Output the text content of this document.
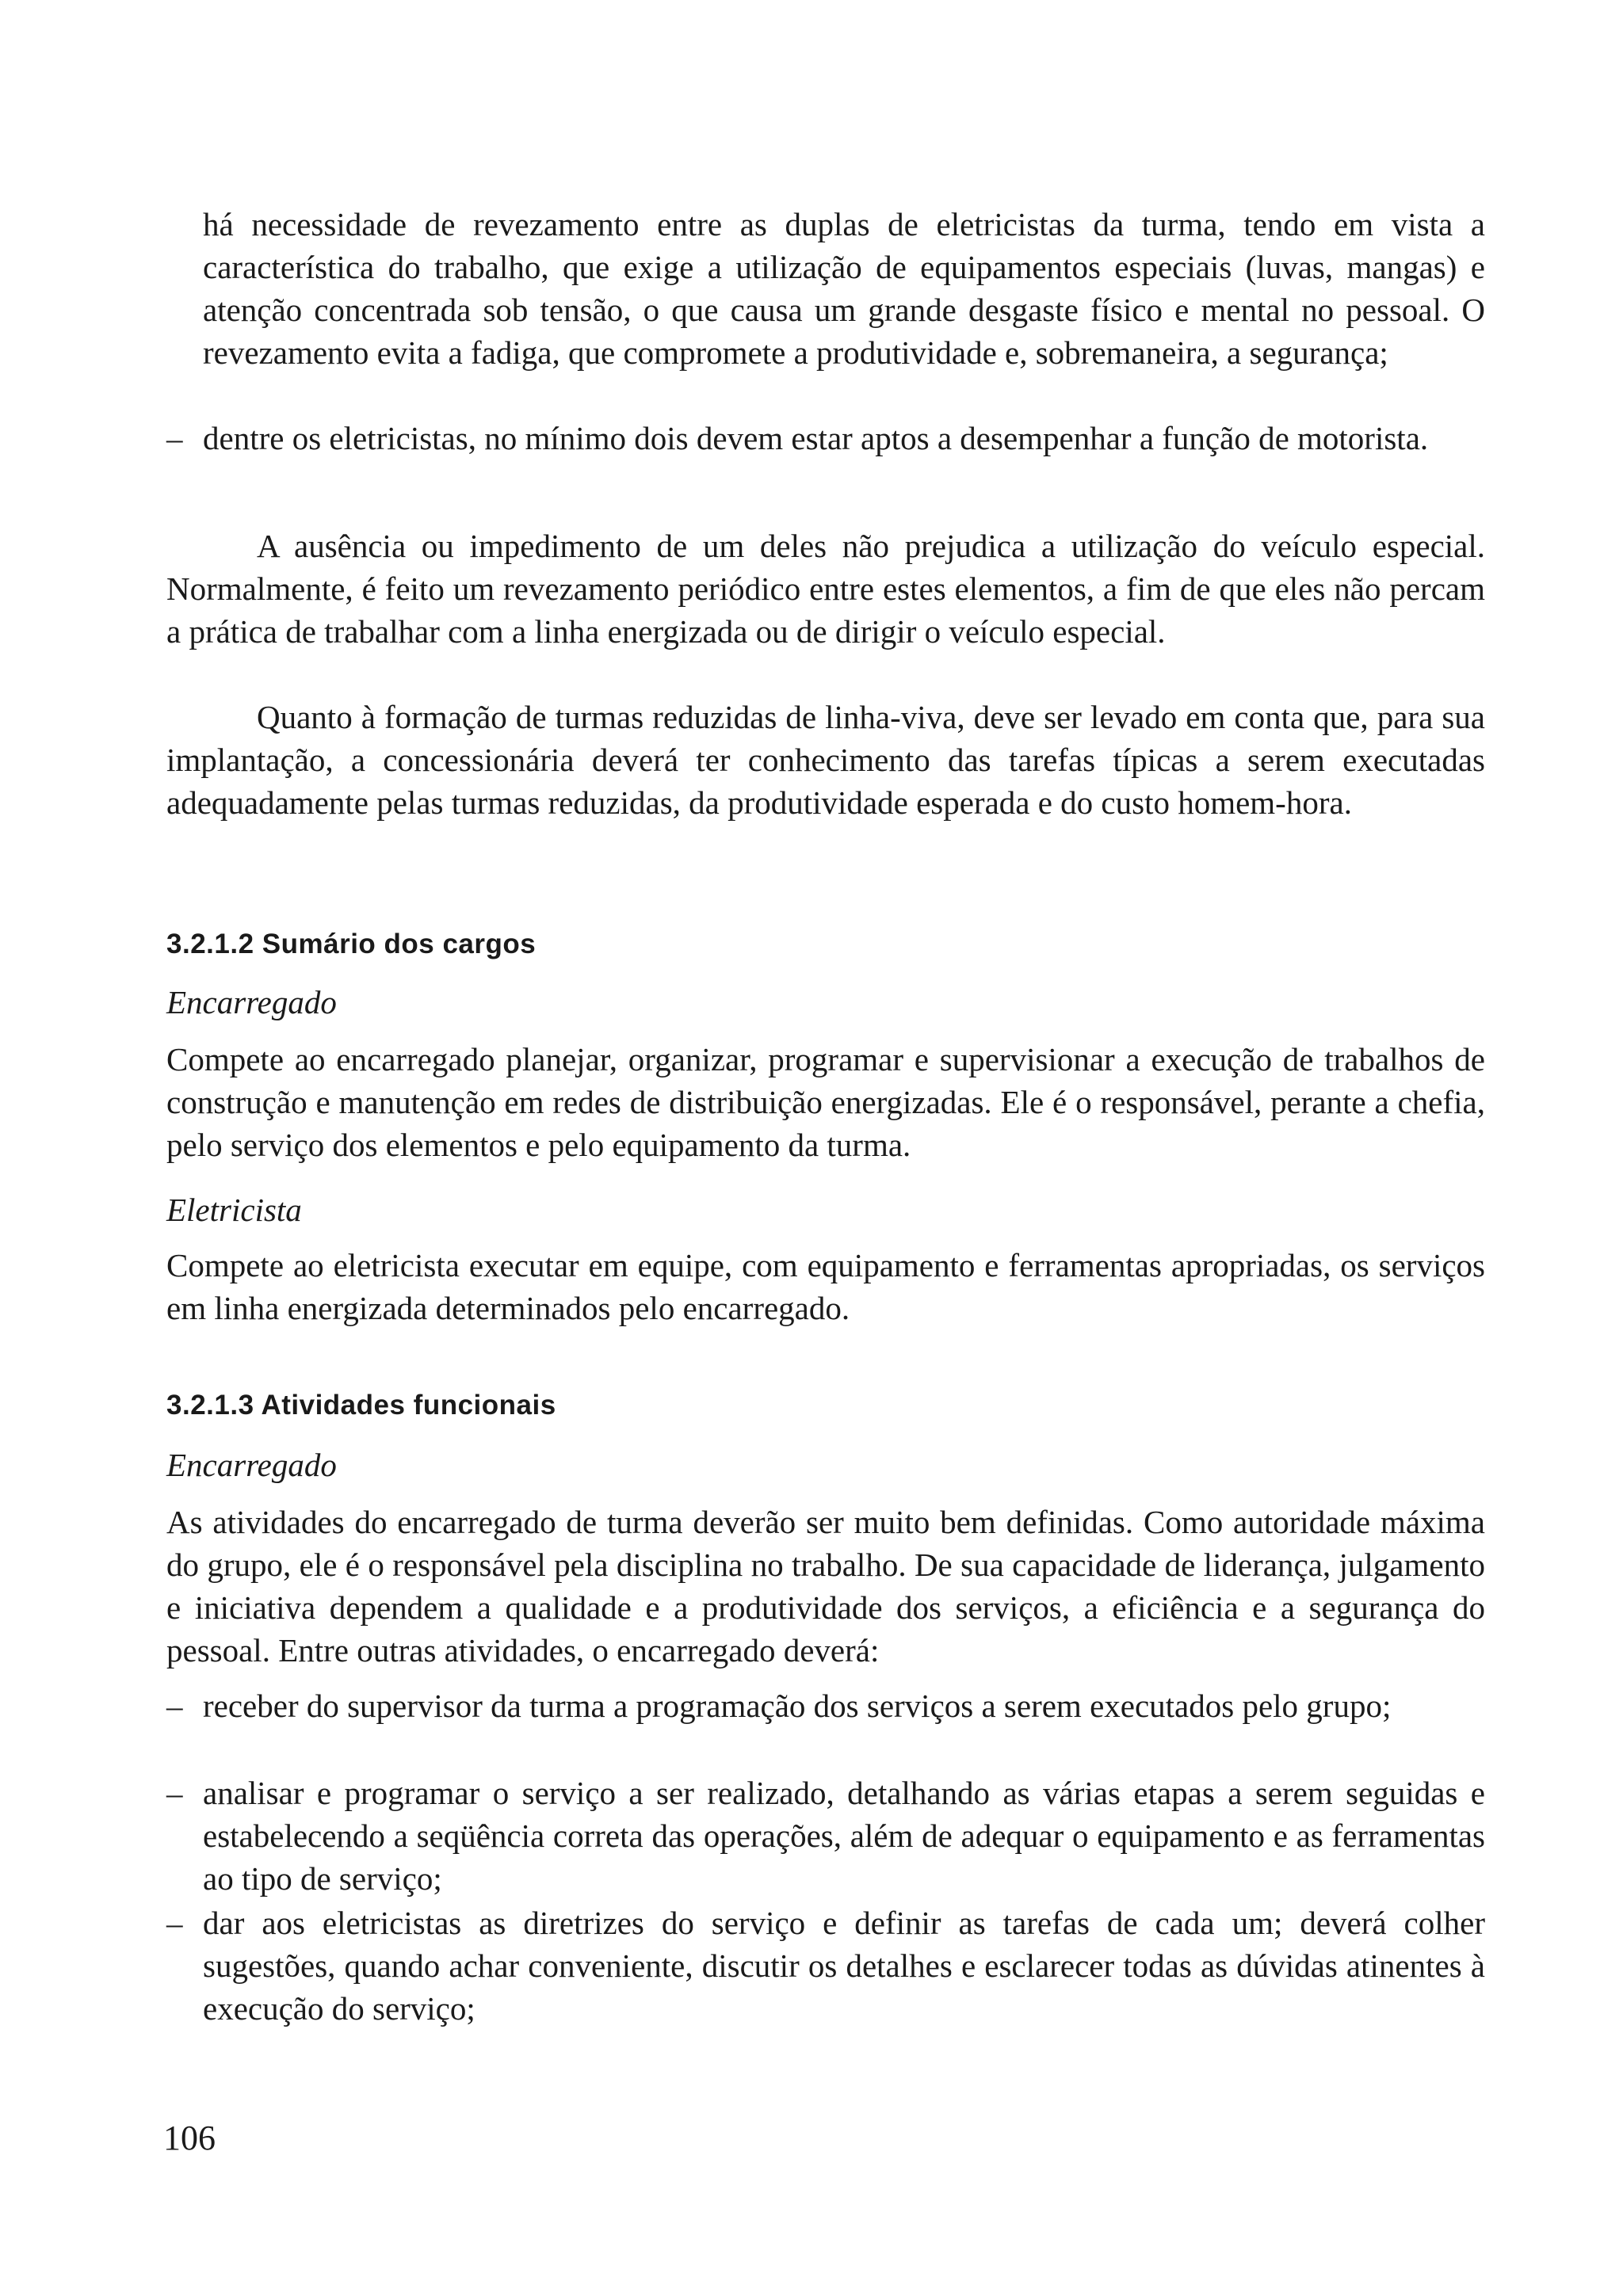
há necessidade de revezamento entre as duplas de eletricistas da turma, tendo em vista a característica do trabalho, que exige a utilização de equipamentos especiais (luvas, mangas) e atenção concentrada sob tensão, o que causa um grande desgaste físico e mental no pessoal. O revezamento evita a fadiga, que compromete a produtividade e, sobremaneira, a segurança;

– dentre os eletricistas, no mínimo dois devem estar aptos a desempenhar a função de motorista.

A ausência ou impedimento de um deles não prejudica a utilização do veículo especial. Normalmente, é feito um revezamento periódico entre estes elementos, a fim de que eles não percam a prática de trabalhar com a linha energizada ou de dirigir o veículo especial.

Quanto à formação de turmas reduzidas de linha-viva, deve ser levado em conta que, para sua implantação, a concessionária deverá ter conhecimento das tarefas típicas a serem executadas adequadamente pelas turmas reduzidas, da produtividade esperada e do custo homem-hora.

3.2.1.2 Sumário dos cargos

Encarregado

Compete ao encarregado planejar, organizar, programar e supervisionar a execução de trabalhos de construção e manutenção em redes de distribuição energizadas. Ele é o responsável, perante a chefia, pelo serviço dos elementos e pelo equipamento da turma.

Eletricista

Compete ao eletricista executar em equipe, com equipamento e ferramentas apropriadas, os serviços em linha energizada determinados pelo encarregado.

3.2.1.3 Atividades funcionais

Encarregado

As atividades do encarregado de turma deverão ser muito bem definidas. Como autoridade máxima do grupo, ele é o responsável pela disciplina no trabalho. De sua capacidade de liderança, julgamento e iniciativa dependem a qualidade e a produtividade dos serviços, a eficiência e a segurança do pessoal. Entre outras atividades, o encarregado deverá:

– receber do supervisor da turma a programação dos serviços a serem executados pelo grupo;

– analisar e programar o serviço a ser realizado, detalhando as várias etapas a serem seguidas e estabelecendo a seqüência correta das operações, além de adequar o equipamento e as ferramentas ao tipo de serviço;

– dar aos eletricistas as diretrizes do serviço e definir as tarefas de cada um; deverá colher sugestões, quando achar conveniente, discutir os detalhes e esclarecer todas as dúvidas atinentes à execução do serviço;

106
